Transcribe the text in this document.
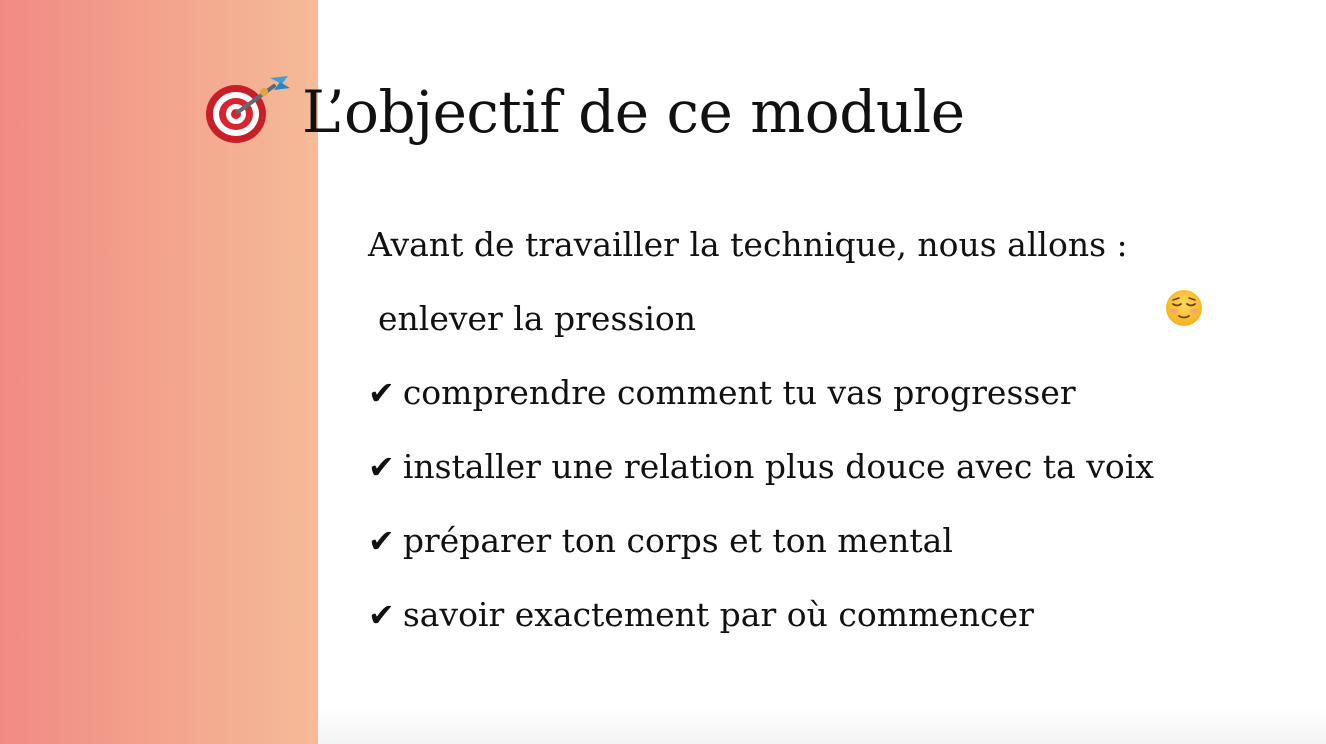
L’objectif de ce module
Avant de travailler la technique, nous allons :
enlever la pression
✔ comprendre comment tu vas progresser
✔ installer une relation plus douce avec ta voix
✔ préparer ton corps et ton mental
✔ savoir exactement par où commencer
